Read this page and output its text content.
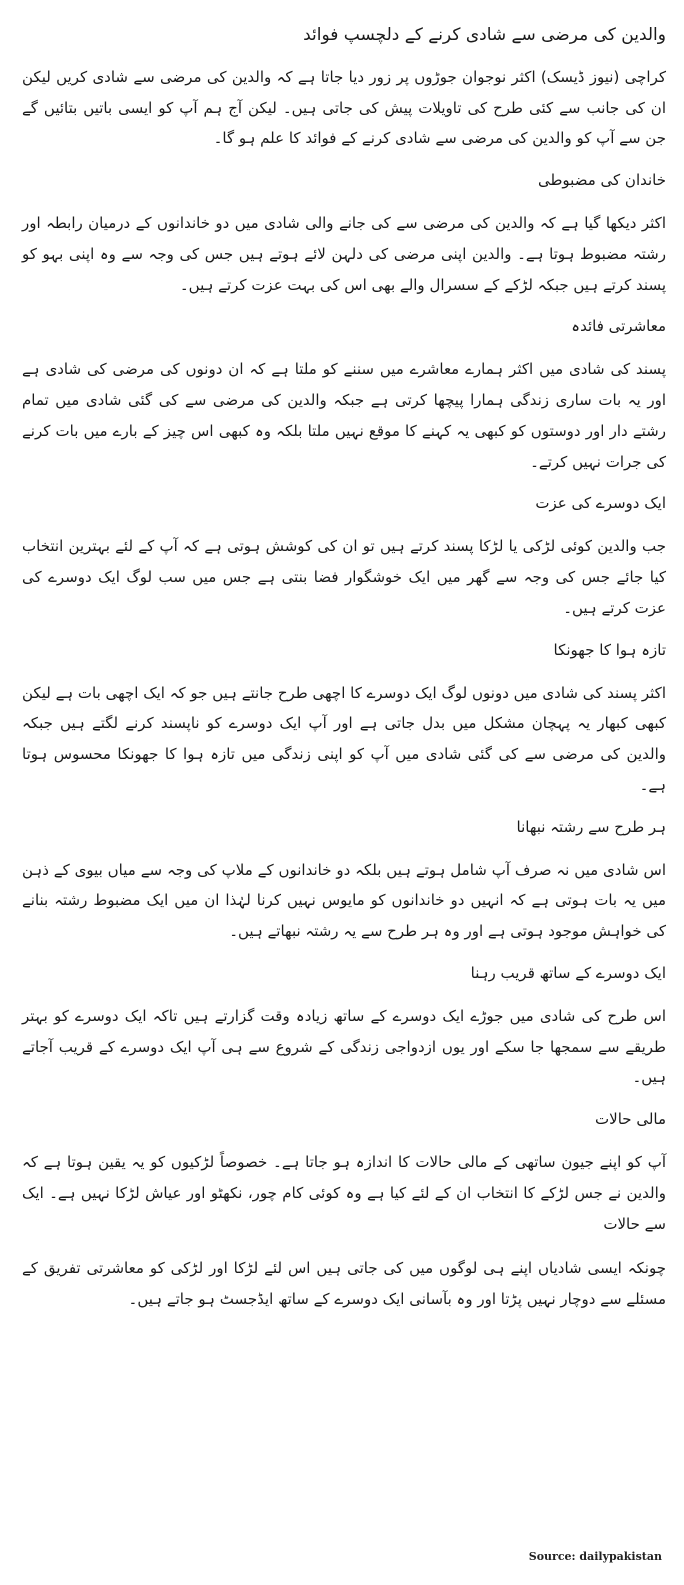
والدین کی مرضی سے شادی کرنے کے دلچسپ فوائد

کراچی (نیوز ڈیسک) اکثر نوجوان جوڑوں پر زور دیا جاتا ہے کہ والدین کی مرضی سے شادی کریں لیکن ان کی جانب سے کئی طرح کی تاویلات پیش کی جاتی ہیں۔ لیکن آج ہم آپ کو ایسی باتیں بتائیں گے جن سے آپ کو والدین کی مرضی سے شادی کرنے کے فوائد کا علم ہو گا۔

خاندان کی مضبوطی

اکثر دیکھا گیا ہے کہ والدین کی مرضی سے کی جانے والی شادی میں دو خاندانوں کے درمیان رابطہ اور رشتہ مضبوط ہوتا ہے۔ والدین اپنی مرضی کی دلہن لائے ہوتے ہیں جس کی وجہ سے وہ اپنی بہو کو پسند کرتے ہیں جبکہ لڑکے کے سسرال والے بھی اس کی بہت عزت کرتے ہیں۔

معاشرتی فائدہ

پسند کی شادی میں اکثر ہمارے معاشرے میں سننے کو ملتا ہے کہ ان دونوں کی مرضی کی شادی ہے اور یہ بات ساری زندگی ہمارا پیچھا کرتی ہے جبکہ والدین کی مرضی سے کی گئی شادی میں تمام رشتے دار اور دوستوں کو کبھی یہ کہنے کا موقع نہیں ملتا بلکہ وہ کبھی اس چیز کے بارے میں بات کرنے کی جرات نہیں کرتے۔

ایک دوسرے کی عزت

جب والدین کوئی لڑکی یا لڑکا پسند کرتے ہیں تو ان کی کوشش ہوتی ہے کہ آپ کے لئے بہترین انتخاب کیا جائے جس کی وجہ سے گھر میں ایک خوشگوار فضا بنتی ہے جس میں سب لوگ ایک دوسرے کی عزت کرتے ہیں۔

تازہ ہوا کا جھونکا

اکثر پسند کی شادی میں دونوں لوگ ایک دوسرے کا اچھی طرح جانتے ہیں جو کہ ایک اچھی بات ہے لیکن کبھی کبھار یہ پہچان مشکل میں بدل جاتی ہے اور آپ ایک دوسرے کو ناپسند کرنے لگتے ہیں جبکہ والدین کی مرضی سے کی گئی شادی میں آپ کو اپنی زندگی میں تازہ ہوا کا جھونکا محسوس ہوتا ہے۔

ہر طرح سے رشتہ نبھانا

اس شادی میں نہ صرف آپ شامل ہوتے ہیں بلکہ دو خاندانوں کے ملاپ کی وجہ سے میاں بیوی کے ذہن میں یہ بات ہوتی ہے کہ انہیں دو خاندانوں کو مایوس نہیں کرنا لہٰذا ان میں ایک مضبوط رشتہ بنانے کی خواہش موجود ہوتی ہے اور وہ ہر طرح سے یہ رشتہ نبھاتے ہیں۔

ایک دوسرے کے ساتھ قریب رہنا

اس طرح کی شادی میں جوڑے ایک دوسرے کے ساتھ زیادہ وقت گزارتے ہیں تاکہ ایک دوسرے کو بہتر طریقے سے سمجھا جا سکے اور یوں ازدواجی زندگی کے شروع سے ہی آپ ایک دوسرے کے قریب آجاتے ہیں۔

مالی حالات

آپ کو اپنے جیون ساتھی کے مالی حالات کا اندازہ ہو جاتا ہے۔ خصوصاً لڑکیوں کو یہ یقین ہوتا ہے کہ والدین نے جس لڑکے کا انتخاب ان کے لئے کیا ہے وہ کوئی کام چور، نکھٹو اور عیاش لڑکا نہیں ہے۔ ایک سے حالات

چونکہ ایسی شادیاں اپنے ہی لوگوں میں کی جاتی ہیں اس لئے لڑکا اور لڑکی کو معاشرتی تفریق کے مسئلے سے دوچار نہیں پڑتا اور وہ بآسانی ایک دوسرے کے ساتھ ایڈجسٹ ہو جاتے ہیں۔

Source: dailypakistan
